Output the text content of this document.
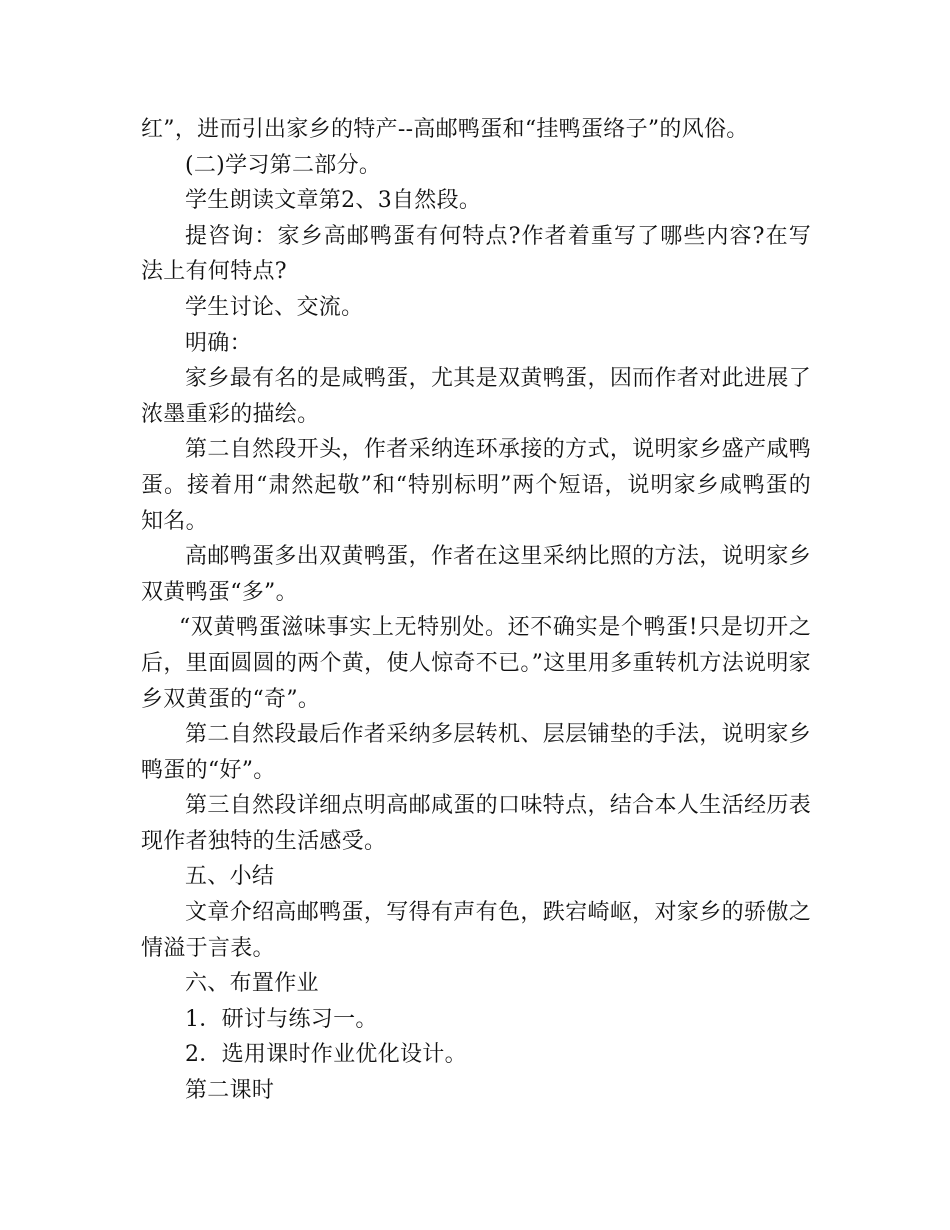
红”，进而引出家乡的特产--高邮鸭蛋和“挂鸭蛋络子”的风俗。

(二)学习第二部分。

学生朗读文章第2、3自然段。

提咨询：家乡高邮鸭蛋有何特点?作者着重写了哪些内容?在写法上有何特点?

学生讨论、交流。

明确：

家乡最有名的是咸鸭蛋，尤其是双黄鸭蛋，因而作者对此进展了浓墨重彩的描绘。

第二自然段开头，作者采纳连环承接的方式，说明家乡盛产咸鸭蛋。接着用“肃然起敬”和“特别标明”两个短语，说明家乡咸鸭蛋的知名。

高邮鸭蛋多出双黄鸭蛋，作者在这里采纳比照的方法，说明家乡双黄鸭蛋“多”。

“双黄鸭蛋滋味事实上无特别处。还不确实是个鸭蛋!只是切开之后，里面圆圆的两个黄，使人惊奇不已。”这里用多重转机方法说明家乡双黄蛋的“奇”。

第二自然段最后作者采纳多层转机、层层铺垫的手法，说明家乡鸭蛋的“好”。

第三自然段详细点明高邮咸蛋的口味特点，结合本人生活经历表现作者独特的生活感受。

五、小结

文章介绍高邮鸭蛋，写得有声有色，跌宕崎岖，对家乡的骄傲之情溢于言表。

六、布置作业

1．研讨与练习一。

2．选用课时作业优化设计。

第二课时
